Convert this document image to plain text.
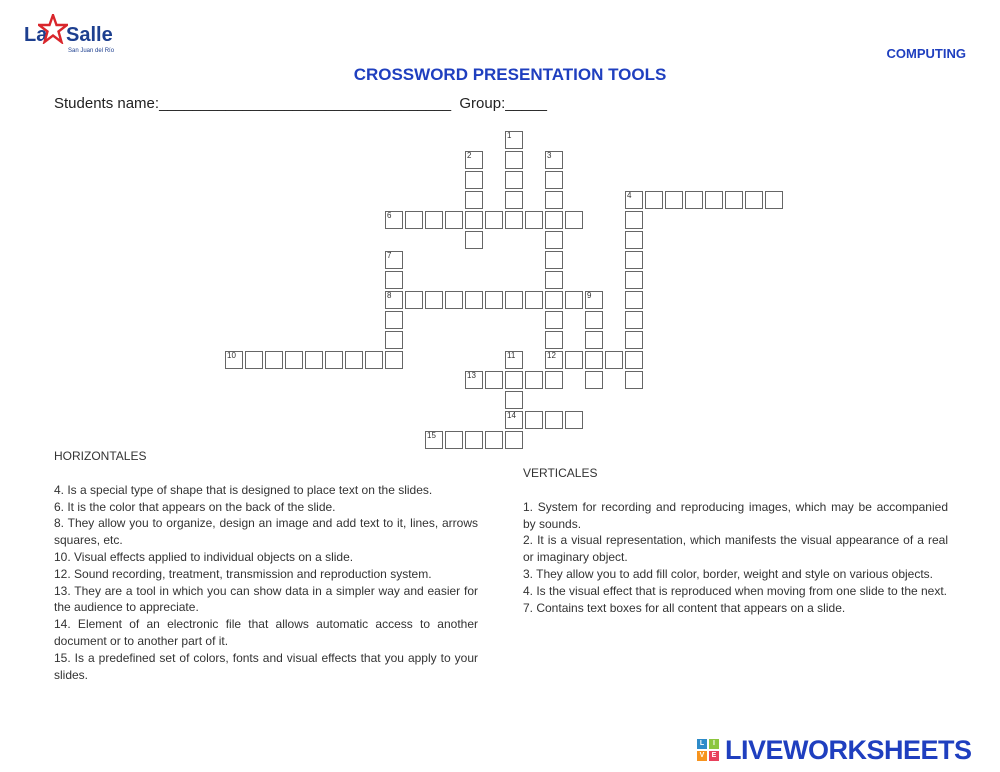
La Salle
San Juan del Río	COMPUTING
CROSSWORD PRESENTATION TOOLS
Students name:___________________________________  Group:_____
4
6
8
10	12
13
14
15
1
2	3
7
9
11
HORIZONTALES
4. Is a special type of shape that is designed to place text on the slides.
6. It is the color that appears on the back of the slide.
8. They allow you to organize, design an image and add text to it, lines, arrows squares, etc.
10. Visual effects applied to individual objects on a slide.
12. Sound recording, treatment, transmission and reproduction system.
13. They are a tool in which you can show data in a simpler way and easier for the audience to appreciate.
14. Element of an electronic file that allows automatic access to another document or to another part of it.
15. Is a predefined set of colors, fonts and visual effects that you apply to your slides.
VERTICALES
1. System for recording and reproducing images, which may be accompanied by sounds.
2. It is a visual representation, which manifests the visual appearance of a real or imaginary object.
3. They allow you to add fill color, border, weight and style on various objects.
4. Is the visual effect that is reproduced when moving from one slide to the next.
7. Contains text boxes for all content that appears on a slide.
L	I
V	E LIVEWORKSHEETS
